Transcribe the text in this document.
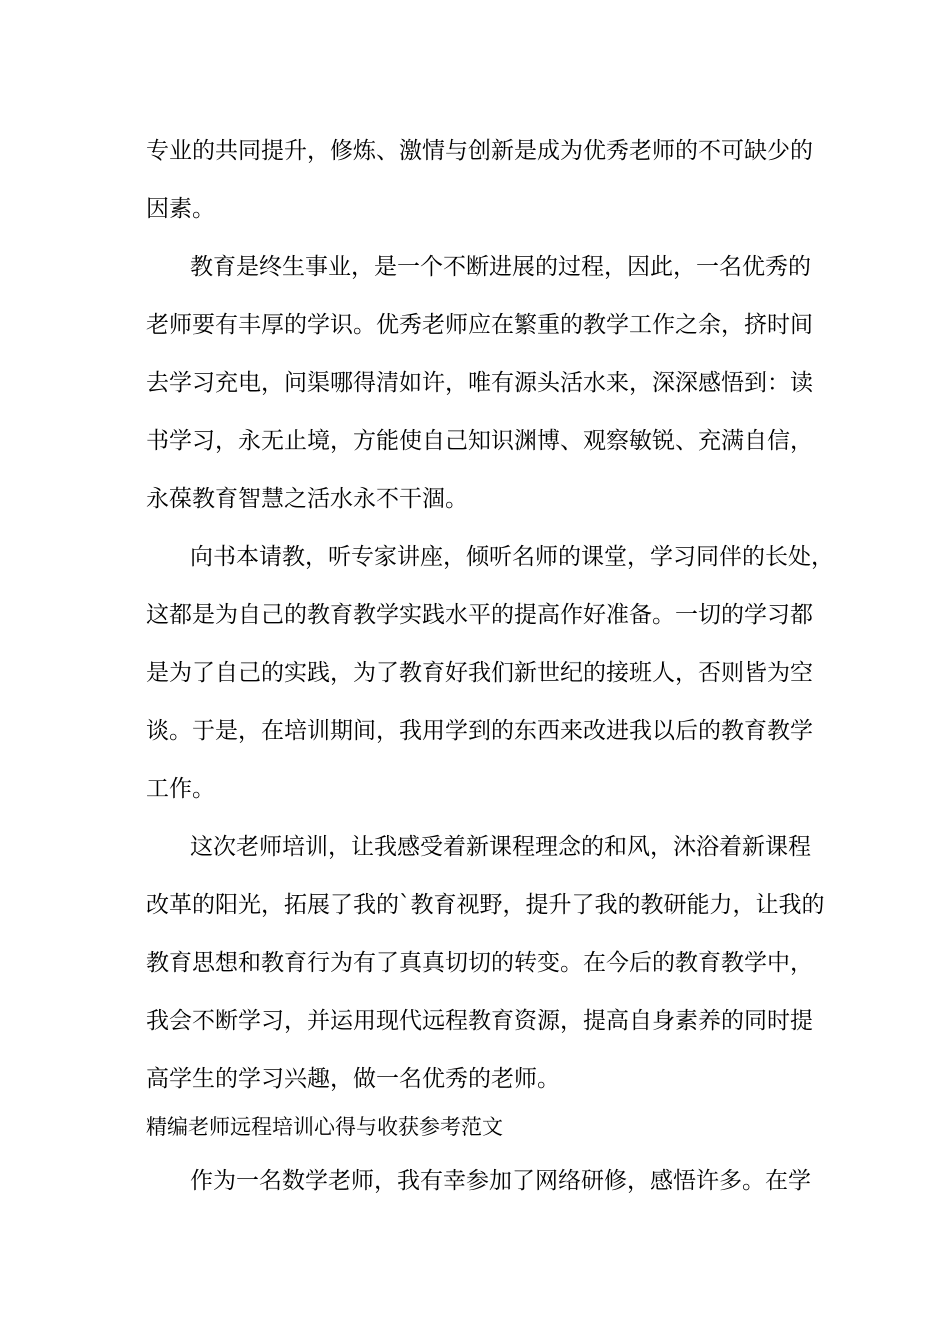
专业的共同提升，修炼、激情与创新是成为优秀老师的不可缺少的
因素。
教育是终生事业，是一个不断进展的过程，因此，一名优秀的
老师要有丰厚的学识。优秀老师应在繁重的教学工作之余，挤时间
去学习充电，问渠哪得清如许，唯有源头活水来，深深感悟到：读
书学习，永无止境，方能使自己知识渊博、观察敏锐、充满自信，
永葆教育智慧之活水永不干涸。
向书本请教，听专家讲座，倾听名师的课堂，学习同伴的长处，
这都是为自己的教育教学实践水平的提高作好准备。一切的学习都
是为了自己的实践，为了教育好我们新世纪的接班人，否则皆为空
谈。于是，在培训期间，我用学到的东西来改进我以后的教育教学
工作。
这次老师培训，让我感受着新课程理念的和风，沐浴着新课程
改革的阳光，拓展了我的`教育视野，提升了我的教研能力，让我的
教育思想和教育行为有了真真切切的转变。在今后的教育教学中，
我会不断学习，并运用现代远程教育资源，提高自身素养的同时提
高学生的学习兴趣，做一名优秀的老师。
精编老师远程培训心得与收获参考范文
作为一名数学老师，我有幸参加了网络研修，感悟许多。在学
